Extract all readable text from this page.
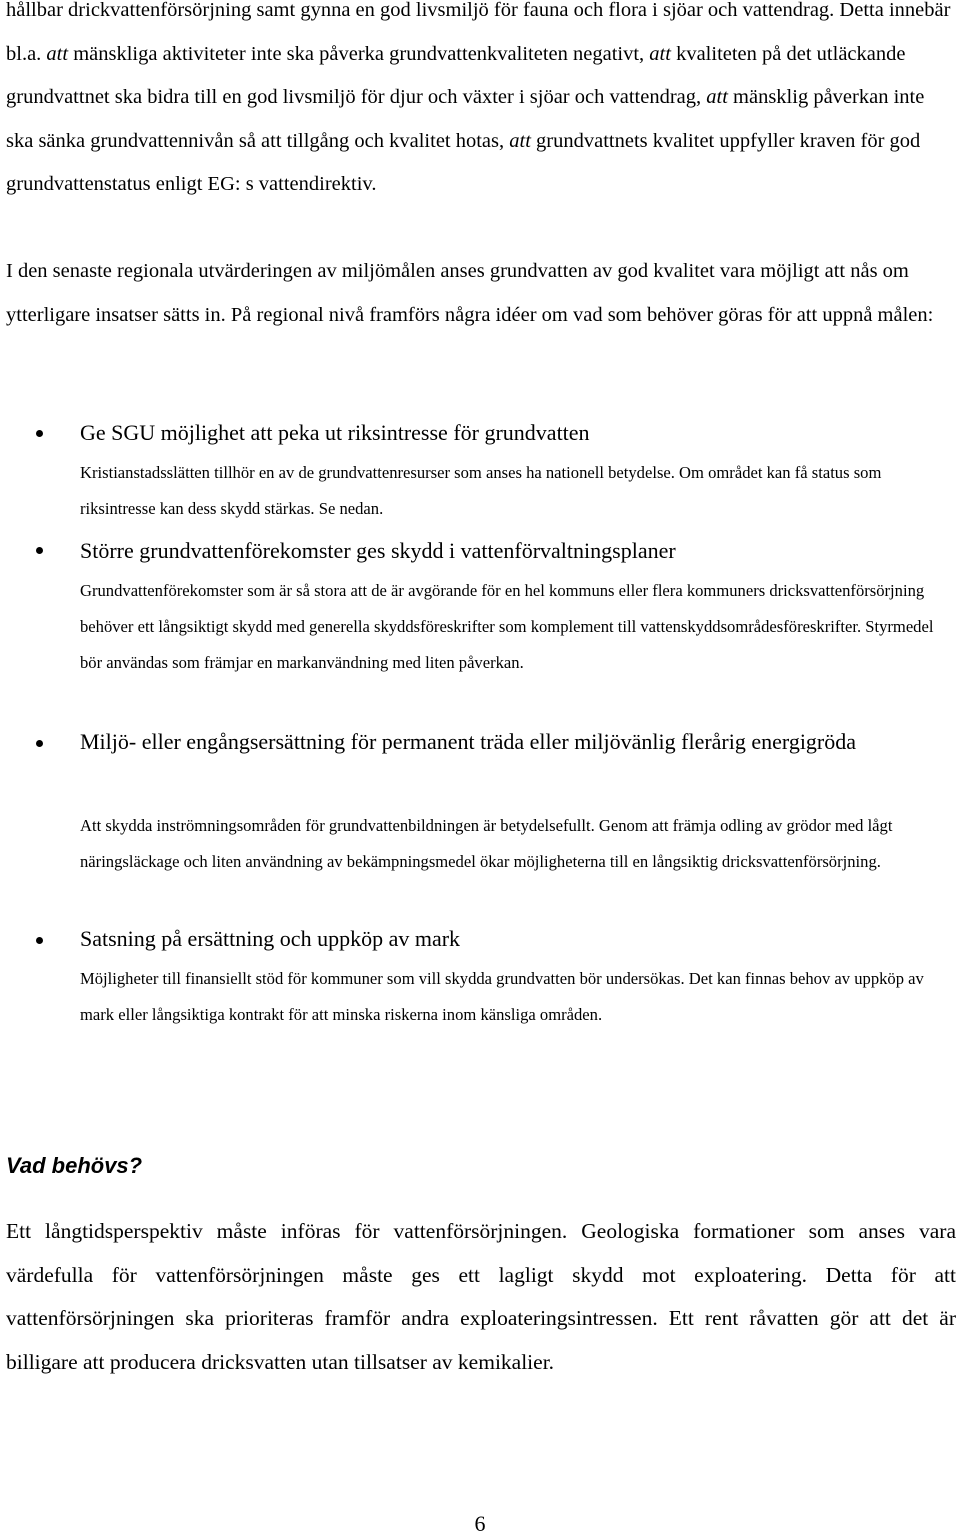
hållbar drickvattenförsörjning samt gynna en god livsmiljö för fauna och flora i sjöar och vattendrag. Detta innebär bl.a. att mänskliga aktiviteter inte ska påverka grundvattenkvaliteten negativt, att kvaliteten på det utläckande grundvattnet ska bidra till en god livsmiljö för djur och växter i sjöar och vattendrag, att mänsklig påverkan inte ska sänka grundvattennivån så att tillgång och kvalitet hotas, att grundvattnets kvalitet uppfyller kraven för god grundvattenstatus enligt EG: s vattendirektiv.

I den senaste regionala utvärderingen av miljömålen anses grundvatten av god kvalitet vara möjligt att nås om ytterligare insatser sätts in. På regional nivå framförs några idéer om vad som behöver göras för att uppnå målen:

Ge SGU möjlighet att peka ut riksintresse för grundvatten

Kristianstadsslätten tillhör en av de grundvattenresurser som anses ha nationell betydelse. Om området kan få status som riksintresse kan dess skydd stärkas. Se nedan.

Större grundvattenförekomster ges skydd i vattenförvaltningsplaner

Grundvattenförekomster som är så stora att de är avgörande för en hel kommuns eller flera kommuners dricksvattenförsörjning behöver ett långsiktigt skydd med generella skyddsföreskrifter som komplement till vattenskyddsområdesföreskrifter. Styrmedel bör användas som främjar en markanvändning med liten påverkan.

Miljö- eller engångsersättning för permanent träda eller miljövänlig flerårig energigröda

Att skydda inströmningsområden för grundvattenbildningen är betydelsefullt. Genom att främja odling av grödor med lågt näringsläckage och liten användning av bekämpningsmedel ökar möjligheterna till en långsiktig dricksvattenförsörjning.

Satsning på ersättning och uppköp av mark

Möjligheter till finansiellt stöd för kommuner som vill skydda grundvatten bör undersökas. Det kan finnas behov av uppköp av mark eller långsiktiga kontrakt för att minska riskerna inom känsliga områden.

Vad behövs?

Ett långtidsperspektiv måste införas för vattenförsörjningen. Geologiska formationer som anses vara värdefulla för vattenförsörjningen måste ges ett lagligt skydd mot exploatering. Detta för att vattenförsörjningen ska prioriteras framför andra exploateringsintressen. Ett rent råvatten gör att det är billigare att producera dricksvatten utan tillsatser av kemikalier.

6
